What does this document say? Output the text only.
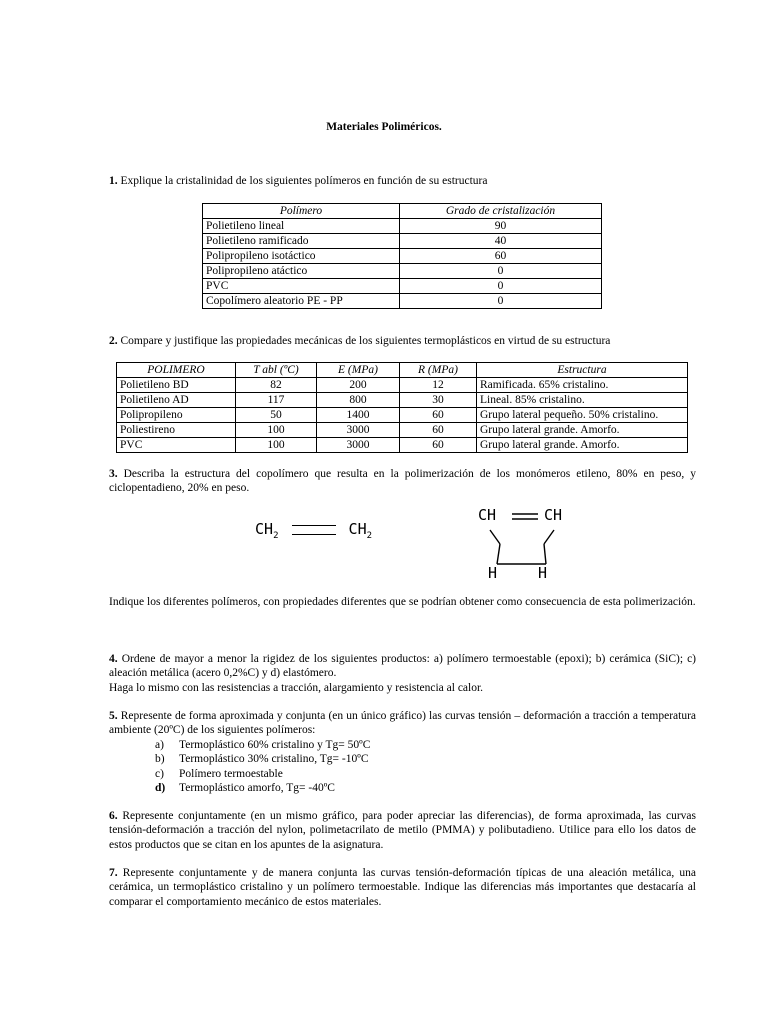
Materiales Poliméricos.
1. Explique la cristalinidad de los siguientes polímeros en función de su estructura
Polímero	Grado de cristalización
Polietileno lineal	90
Polietileno ramificado	40
Polipropileno isotáctico	60
Polipropileno atáctico	0
PVC	0
Copolímero aleatorio PE - PP	0
2. Compare y justifique las propiedades mecánicas de los siguientes termoplásticos en virtud de su estructura
POLIMERO	T abl (ºC)	E (MPa)	R (MPa)	Estructura
Polietileno BD	82	200	12	Ramificada. 65% cristalino.
Polietileno AD	117	800	30	Lineal. 85% cristalino.
Polipropileno	50	1400	60	Grupo lateral pequeño. 50% cristalino.
Poliestireno	100	3000	60	Grupo lateral grande. Amorfo.
PVC	100	3000	60	Grupo lateral grande. Amorfo.
3. Describa la estructura del copolímero que resulta en la polimerización de los monómeros etileno, 80% en peso, y ciclopentadieno, 20% en peso.
$CH_2$	$CH_2$
CH	CH
H	H
Indique los diferentes polímeros, con propiedades diferentes que se podrían obtener como consecuencia de esta polimerización.
4. Ordene de mayor a menor la rigidez de los siguientes productos: a) polímero termoestable (epoxi); b) cerámica (SiC); c) aleación metálica (acero 0,2%C) y d) elastómero.
Haga lo mismo con las resistencias a tracción, alargamiento y resistencia al calor.
5. Represente de forma aproximada y conjunta (en un único gráfico) las curvas tensión – deformación a tracción a temperatura ambiente (20ºC) de los siguientes polímeros:
a)	Termoplástico 60% cristalino y Tg= 50ºC
b)	Termoplástico 30% cristalino, Tg= -10ºC
c)	Polímero termoestable
d)	Termoplástico amorfo, Tg= -40ºC
6. Represente conjuntamente (en un mismo gráfico, para poder apreciar las diferencias), de forma aproximada, las curvas tensión-deformación a tracción del nylon, polimetacrilato de metilo (PMMA) y polibutadieno. Utilice para ello los datos de estos productos que se citan en los apuntes de la asignatura.
7. Represente conjuntamente y de manera conjunta las curvas tensión-deformación típicas de una aleación metálica, una cerámica, un termoplástico cristalino y un polímero termoestable. Indique las diferencias más importantes que destacaría al comparar el comportamiento mecánico de estos materiales.
